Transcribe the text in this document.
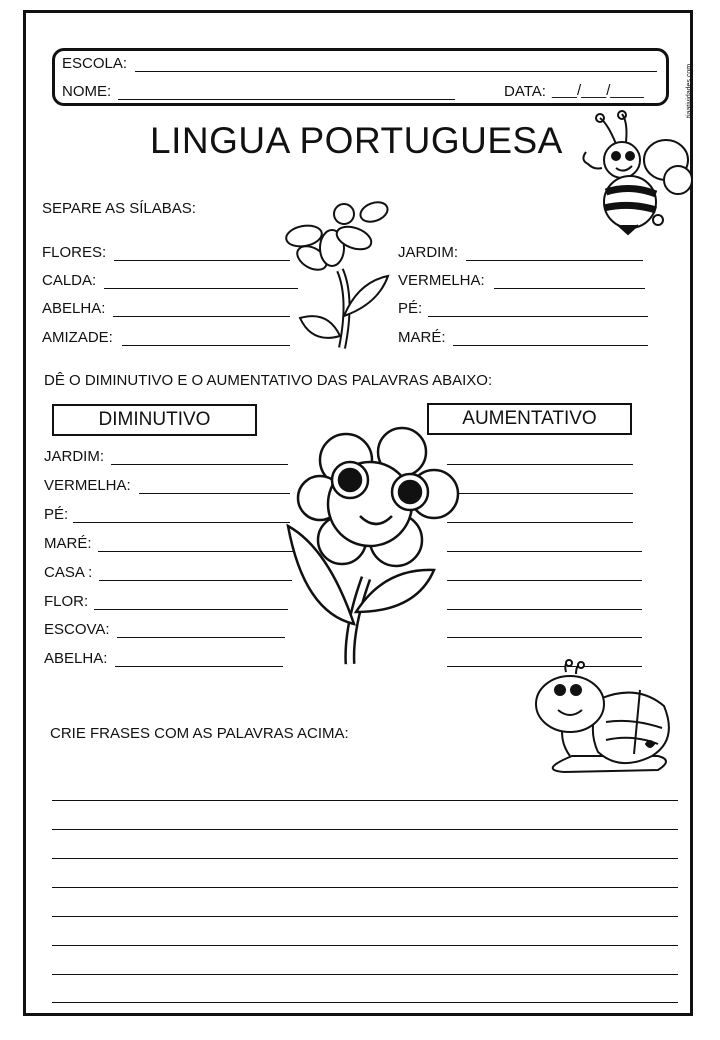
ESCOLA:
NOME:	DATA: ___/___/____	tiaatividades.com
LINGUA PORTUGUESA
SEPARE AS SÍLABAS:
FLORES:
CALDA:
ABELHA:
AMIZADE:
JARDIM:
VERMELHA:
PÉ:
MARÉ:
DÊ O DIMINUTIVO E O AUMENTATIVO DAS PALAVRAS ABAIXO:
DIMINUTIVO	AUMENTATIVO
JARDIM:
VERMELHA:
PÉ:
MARÉ:
CASA :
FLOR:
ESCOVA:
ABELHA:
CRIE FRASES COM AS PALAVRAS ACIMA:
